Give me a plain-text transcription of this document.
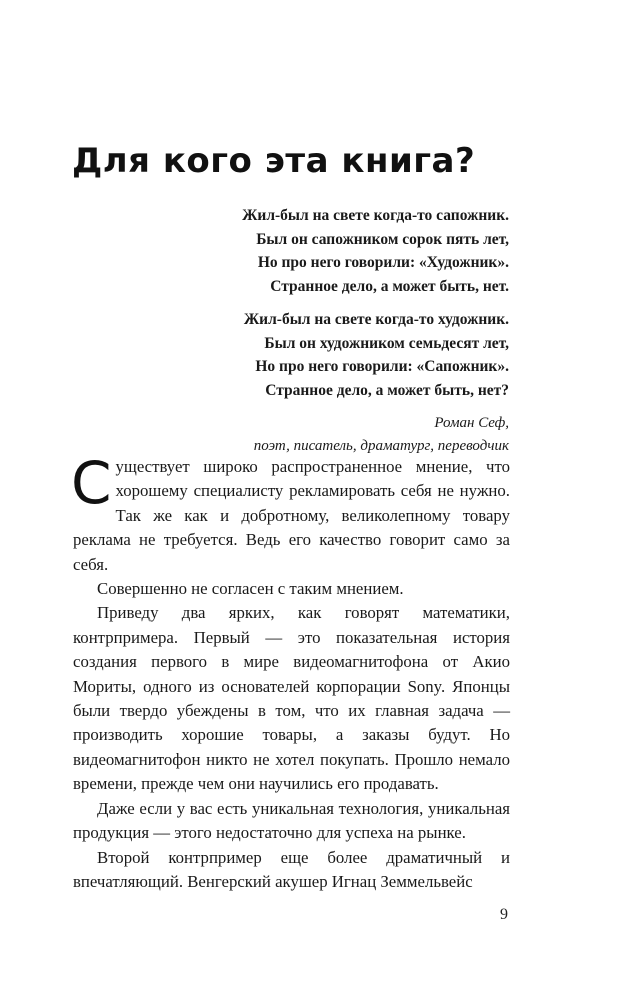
Для кого эта книга?
Жил-был на свете когда-то сапожник.
Был он сапожником сорок пять лет,
Но про него говорили: «Художник».
Странное дело, а может быть, нет.
Жил-был на свете когда-то художник.
Был он художником семьдесят лет,
Но про него говорили: «Сапожник».
Странное дело, а может быть, нет?
Роман Сеф,
поэт, писатель, драматург, переводчик

Существует широко распространенное мнение, что хорошему специалисту рекламировать себя не нужно. Так же как и добротному, великолепному товару реклама не требуется. Ведь его качество говорит само за себя.

Совершенно не согласен с таким мнением.

Приведу два ярких, как говорят математики, контрпримера. Первый — это показательная история создания первого в мире видеомагнитофона от Акио Мориты, одного из основателей корпорации Sony. Японцы были твердо убеждены в том, что их главная задача — производить хорошие товары, а заказы будут. Но видеомагнитофон никто не хотел покупать. Прошло немало времени, прежде чем они научились его продавать.

Даже если у вас есть уникальная технология, уникальная продукция — этого недостаточно для успеха на рынке.

Второй контрпример еще более драматичный и впечатляющий. Венгерский акушер Игнац Земмельвейс

9
